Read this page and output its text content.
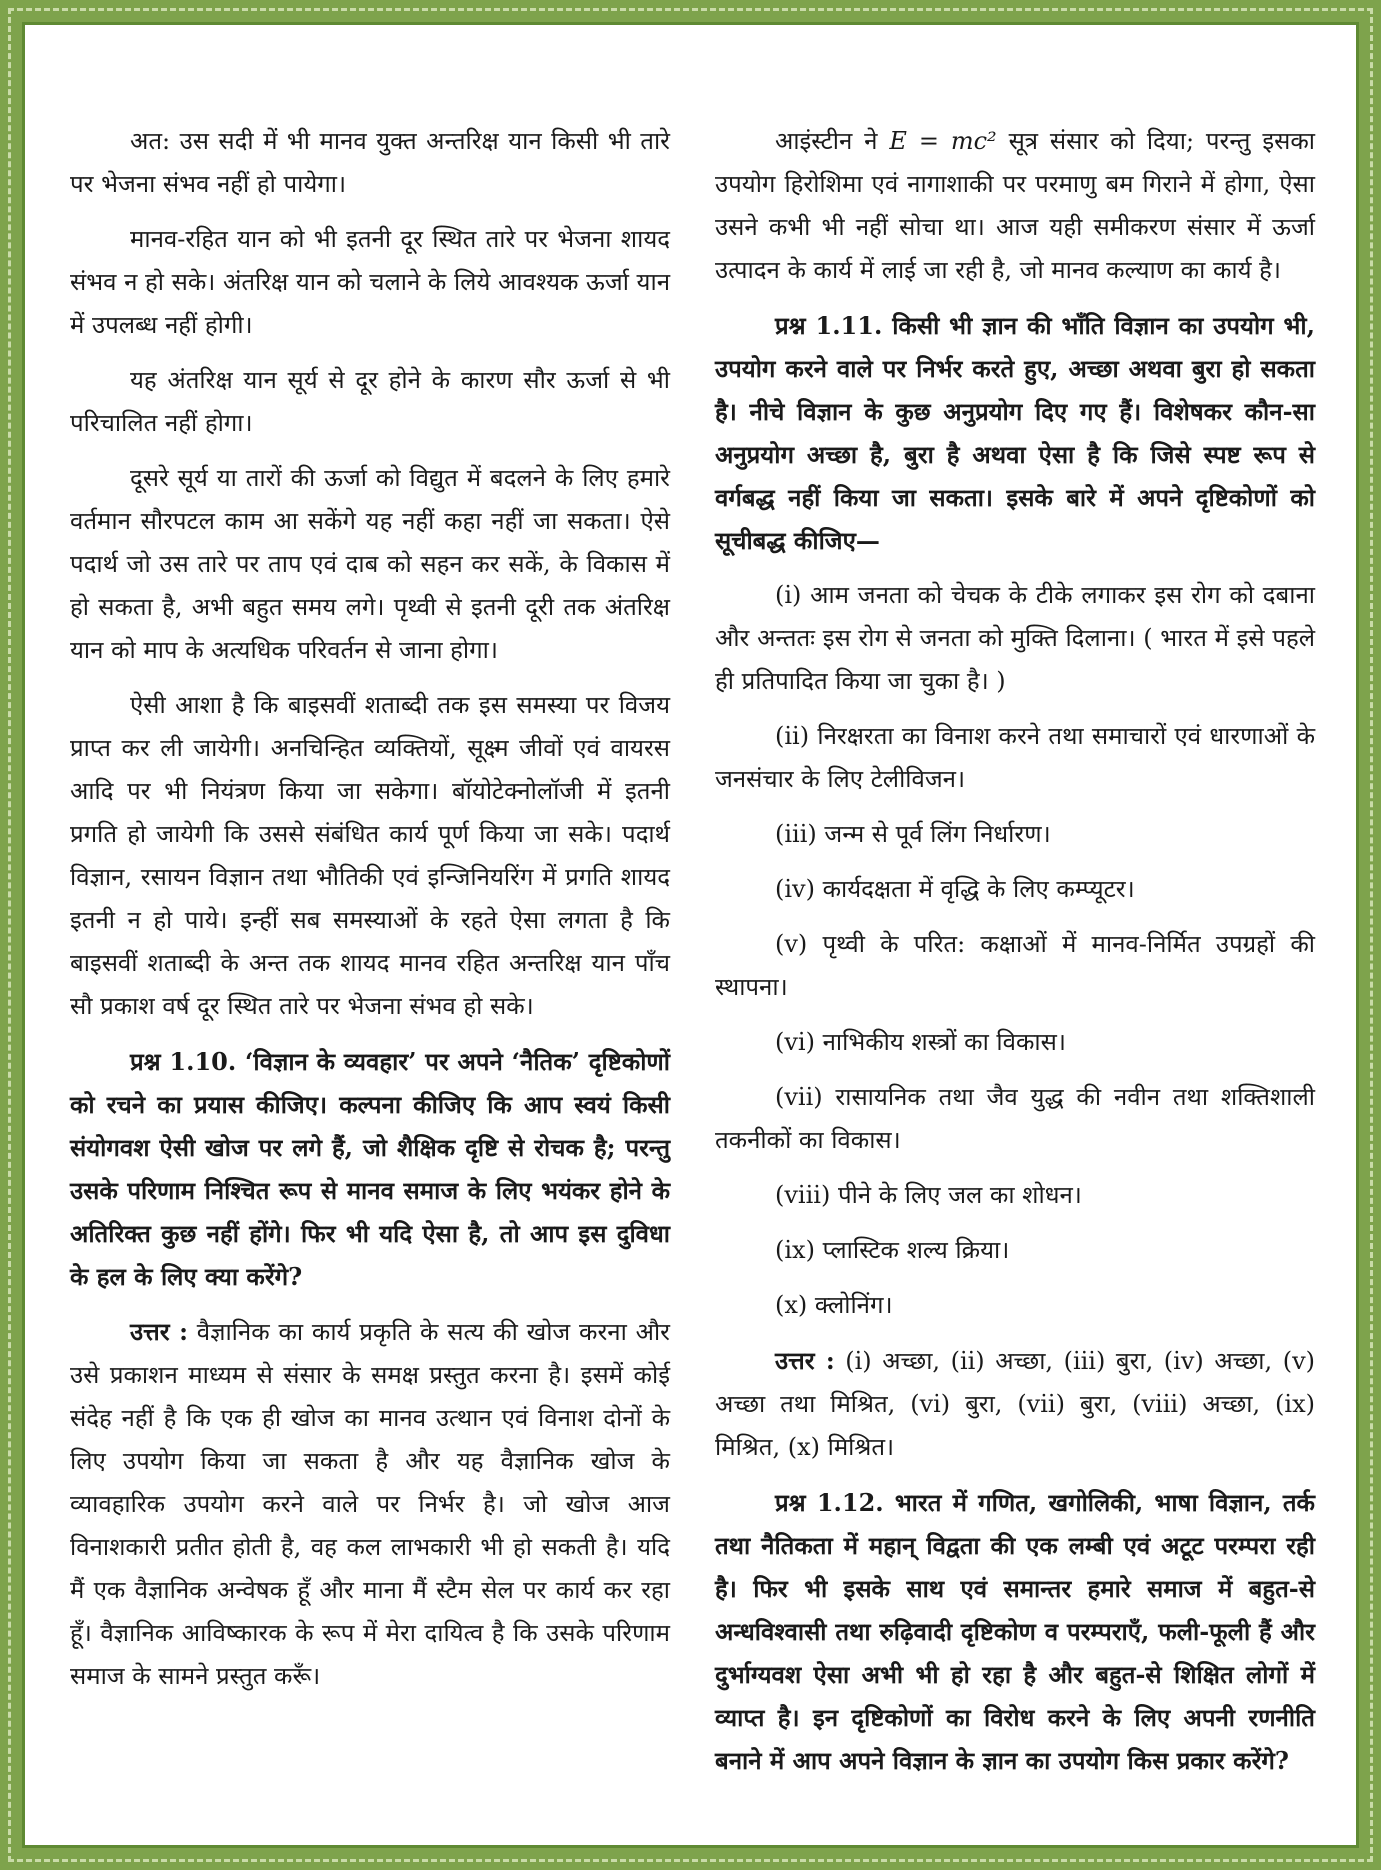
अत: उस सदी में भी मानव युक्त अन्तरिक्ष यान किसी भी तारे पर भेजना संभव नहीं हो पायेगा।

मानव-रहित यान को भी इतनी दूर स्थित तारे पर भेजना शायद संभव न हो सके। अंतरिक्ष यान को चलाने के लिये आवश्यक ऊर्जा यान में उपलब्ध नहीं होगी।

यह अंतरिक्ष यान सूर्य से दूर होने के कारण सौर ऊर्जा से भी परिचालित नहीं होगा।

दूसरे सूर्य या तारों की ऊर्जा को विद्युत में बदलने के लिए हमारे वर्तमान सौरपटल काम आ सकेंगे यह नहीं कहा नहीं जा सकता। ऐसे पदार्थ जो उस तारे पर ताप एवं दाब को सहन कर सकें, के विकास में हो सकता है, अभी बहुत समय लगे। पृथ्वी से इतनी दूरी तक अंतरिक्ष यान को माप के अत्यधिक परिवर्तन से जाना होगा।

ऐसी आशा है कि बाइसवीं शताब्दी तक इस समस्या पर विजय प्राप्त कर ली जायेगी। अनचिन्हित व्यक्तियों, सूक्ष्म जीवों एवं वायरस आदि पर भी नियंत्रण किया जा सकेगा। बॉयोटेक्नोलॉजी में इतनी प्रगति हो जायेगी कि उससे संबंधित कार्य पूर्ण किया जा सके। पदार्थ विज्ञान, रसायन विज्ञान तथा भौतिकी एवं इन्जिनियरिंग में प्रगति शायद इतनी न हो पाये। इन्हीं सब समस्याओं के रहते ऐसा लगता है कि बाइसवीं शताब्दी के अन्त तक शायद मानव रहित अन्तरिक्ष यान पाँच सौ प्रकाश वर्ष दूर स्थित तारे पर भेजना संभव हो सके।

प्रश्न 1.10. ‘विज्ञान के व्यवहार’ पर अपने ‘नैतिक’ दृष्टिकोणों को रचने का प्रयास कीजिए। कल्पना कीजिए कि आप स्वयं किसी संयोगवश ऐसी खोज पर लगे हैं, जो शैक्षिक दृष्टि से रोचक है; परन्तु उसके परिणाम निश्चित रूप से मानव समाज के लिए भयंकर होने के अतिरिक्त कुछ नहीं होंगे। फिर भी यदि ऐसा है, तो आप इस दुविधा के हल के लिए क्या करेंगे?

उत्तर : वैज्ञानिक का कार्य प्रकृति के सत्य की खोज करना और उसे प्रकाशन माध्यम से संसार के समक्ष प्रस्तुत करना है। इसमें कोई संदेह नहीं है कि एक ही खोज का मानव उत्थान एवं विनाश दोनों के लिए उपयोग किया जा सकता है और यह वैज्ञानिक खोज के व्यावहारिक उपयोग करने वाले पर निर्भर है। जो खोज आज विनाशकारी प्रतीत होती है, वह कल लाभकारी भी हो सकती है। यदि मैं एक वैज्ञानिक अन्वेषक हूँ और माना मैं स्टैम सेल पर कार्य कर रहा हूँ। वैज्ञानिक आविष्कारक के रूप में मेरा दायित्व है कि उसके परिणाम समाज के सामने प्रस्तुत करूँ।

आइंस्टीन ने E = mc² सूत्र संसार को दिया; परन्तु इसका उपयोग हिरोशिमा एवं नागाशाकी पर परमाणु बम गिराने में होगा, ऐसा उसने कभी भी नहीं सोचा था। आज यही समीकरण संसार में ऊर्जा उत्पादन के कार्य में लाई जा रही है, जो मानव कल्याण का कार्य है।

प्रश्न 1.11. किसी भी ज्ञान की भाँति विज्ञान का उपयोग भी, उपयोग करने वाले पर निर्भर करते हुए, अच्छा अथवा बुरा हो सकता है। नीचे विज्ञान के कुछ अनुप्रयोग दिए गए हैं। विशेषकर कौन-सा अनुप्रयोग अच्छा है, बुरा है अथवा ऐसा है कि जिसे स्पष्ट रूप से वर्गबद्ध नहीं किया जा सकता। इसके बारे में अपने दृष्टिकोणों को सूचीबद्ध कीजिए—

(i) आम जनता को चेचक के टीके लगाकर इस रोग को दबाना और अन्ततः इस रोग से जनता को मुक्ति दिलाना। ( भारत में इसे पहले ही प्रतिपादित किया जा चुका है। )

(ii) निरक्षरता का विनाश करने तथा समाचारों एवं धारणाओं के जनसंचार के लिए टेलीविजन।

(iii) जन्म से पूर्व लिंग निर्धारण।

(iv) कार्यदक्षता में वृद्धि के लिए कम्प्यूटर।

(v) पृथ्वी के परित: कक्षाओं में मानव-निर्मित उपग्रहों की स्थापना।

(vi) नाभिकीय शस्त्रों का विकास।

(vii) रासायनिक तथा जैव युद्ध की नवीन तथा शक्तिशाली तकनीकों का विकास।

(viii) पीने के लिए जल का शोधन।

(ix) प्लास्टिक शल्य क्रिया।

(x) क्लोनिंग।

उत्तर : (i) अच्छा, (ii) अच्छा, (iii) बुरा, (iv) अच्छा, (v) अच्छा तथा मिश्रित, (vi) बुरा, (vii) बुरा, (viii) अच्छा, (ix) मिश्रित, (x) मिश्रित।

प्रश्न 1.12. भारत में गणित, खगोलिकी, भाषा विज्ञान, तर्क तथा नैतिकता में महान् विद्वता की एक लम्बी एवं अटूट परम्परा रही है। फिर भी इसके साथ एवं समान्तर हमारे समाज में बहुत-से अन्धविश्वासी तथा रुढ़िवादी दृष्टिकोण व परम्पराएँ, फली-फूली हैं और दुर्भाग्यवश ऐसा अभी भी हो रहा है और बहुत-से शिक्षित लोगों में व्याप्त है। इन दृष्टिकोणों का विरोध करने के लिए अपनी रणनीति बनाने में आप अपने विज्ञान के ज्ञान का उपयोग किस प्रकार करेंगे?
